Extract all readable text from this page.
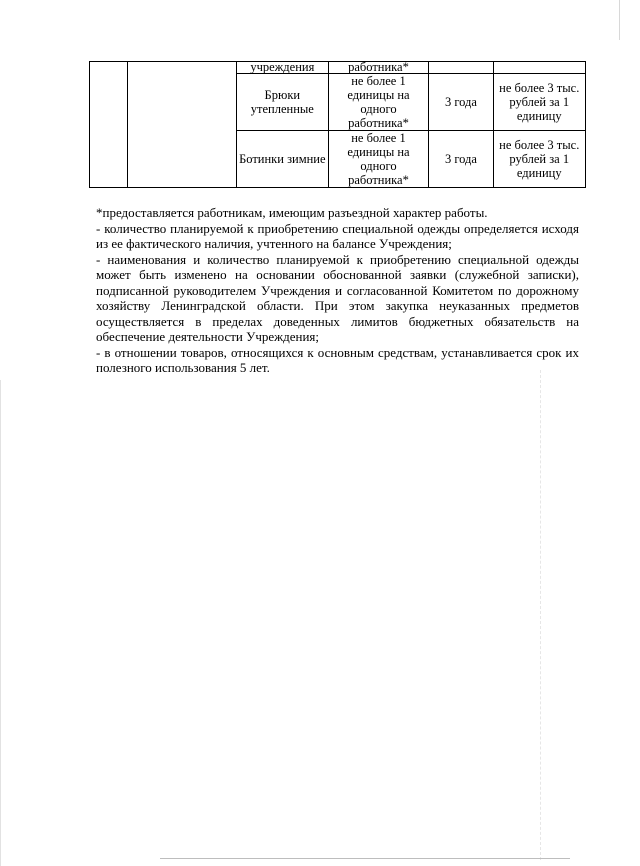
		учреждения	работника*		
		Брюки утепленные	не более 1 единицы на одного работника*	3 года	не более 3 тыс. рублей за 1 единицу
		Ботинки зимние	не более 1 единицы на одного работника*	3 года	не более 3 тыс. рублей за 1 единицу

*предоставляется работникам, имеющим разъездной характер работы.

- количество планируемой к приобретению специальной одежды определяется исходя из ее фактического наличия, учтенного на балансе Учреждения;

- наименования и количество планируемой к приобретению специальной одежды может быть изменено на основании обоснованной заявки (служебной записки), подписанной руководителем Учреждения и согласованной Комитетом по дорожному хозяйству Ленинградской области. При этом закупка неуказанных предметов осуществляется в пределах доведенных лимитов бюджетных обязательств на обеспечение деятельности Учреждения;

- в отношении товаров, относящихся к основным средствам, устанавливается срок их полезного использования 5 лет.
